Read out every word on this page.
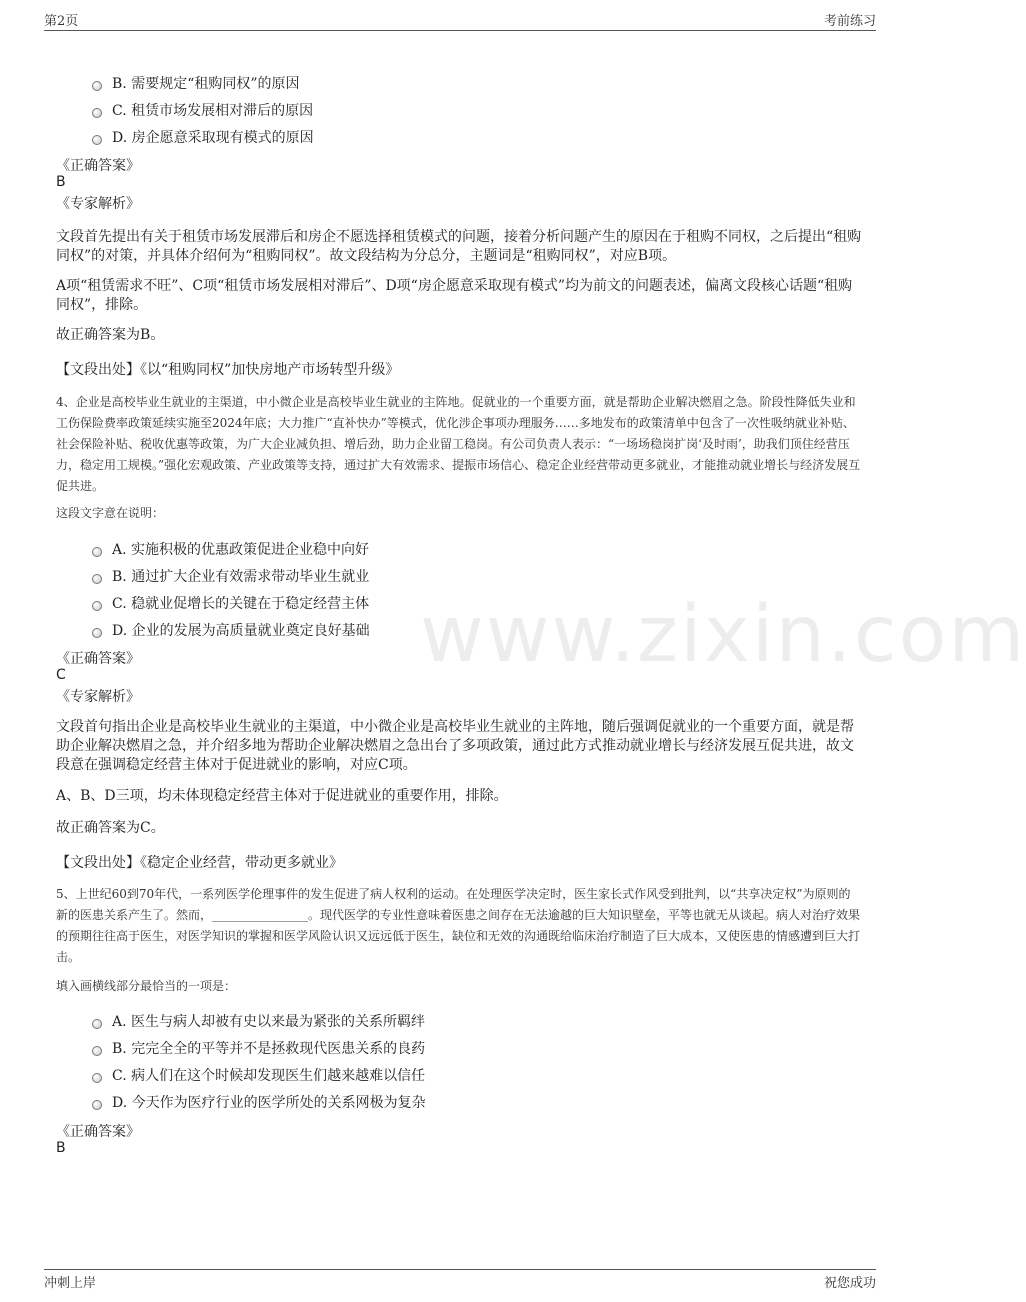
第2页	考前练习
www.zixin.com
B. 需要规定“租购同权”的原因
C. 租赁市场发展相对滞后的原因
D. 房企愿意采取现有模式的原因
《正确答案》
B
《专家解析》
文段首先提出有关于租赁市场发展滞后和房企不愿选择租赁模式的问题，接着分析问题产生的原因在于租购不同权，之后提出“租购同权”的对策，并具体介绍何为“租购同权”。故文段结构为分总分，主题词是“租购同权”，对应B项。
A项“租赁需求不旺”、C项“租赁市场发展相对滞后”、D项“房企愿意采取现有模式”均为前文的问题表述，偏离文段核心话题“租购同权”，排除。
故正确答案为B。
【文段出处】《以“租购同权”加快房地产市场转型升级》
4、企业是高校毕业生就业的主渠道，中小微企业是高校毕业生就业的主阵地。促就业的一个重要方面，就是帮助企业解决燃眉之急。阶段性降低失业和工伤保险费率政策延续实施至2024年底；大力推广“直补快办”等模式，优化涉企事项办理服务……多地发布的政策清单中包含了一次性吸纳就业补贴、社会保险补贴、税收优惠等政策，为广大企业减负担、增后劲，助力企业留工稳岗。有公司负责人表示：“一场场稳岗扩岗‘及时雨’，助我们顶住经营压力，稳定用工规模。”强化宏观政策、产业政策等支持，通过扩大有效需求、提振市场信心、稳定企业经营带动更多就业，才能推动就业增长与经济发展互促共进。
这段文字意在说明：
A. 实施积极的优惠政策促进企业稳中向好
B. 通过扩大企业有效需求带动毕业生就业
C. 稳就业促增长的关键在于稳定经营主体
D. 企业的发展为高质量就业奠定良好基础
《正确答案》
C
《专家解析》
文段首句指出企业是高校毕业生就业的主渠道，中小微企业是高校毕业生就业的主阵地，随后强调促就业的一个重要方面，就是帮助企业解决燃眉之急，并介绍多地为帮助企业解决燃眉之急出台了多项政策，通过此方式推动就业增长与经济发展互促共进，故文段意在强调稳定经营主体对于促进就业的影响，对应C项。
A、B、D三项，均未体现稳定经营主体对于促进就业的重要作用，排除。
故正确答案为C。
【文段出处】《稳定企业经营，带动更多就业》
5、上世纪60到70年代，一系列医学伦理事件的发生促进了病人权利的运动。在处理医学决定时，医生家长式作风受到批判，以“共享决定权”为原则的新的医患关系产生了。然而，________________。现代医学的专业性意味着医患之间存在无法逾越的巨大知识壁垒，平等也就无从谈起。病人对治疗效果的预期往往高于医生，对医学知识的掌握和医学风险认识又远远低于医生，缺位和无效的沟通既给临床治疗制造了巨大成本，又使医患的情感遭到巨大打击。
填入画横线部分最恰当的一项是：
A. 医生与病人却被有史以来最为紧张的关系所羁绊
B. 完完全全的平等并不是拯救现代医患关系的良药
C. 病人们在这个时候却发现医生们越来越难以信任
D. 今天作为医疗行业的医学所处的关系网极为复杂
《正确答案》
B
冲刺上岸	祝您成功
